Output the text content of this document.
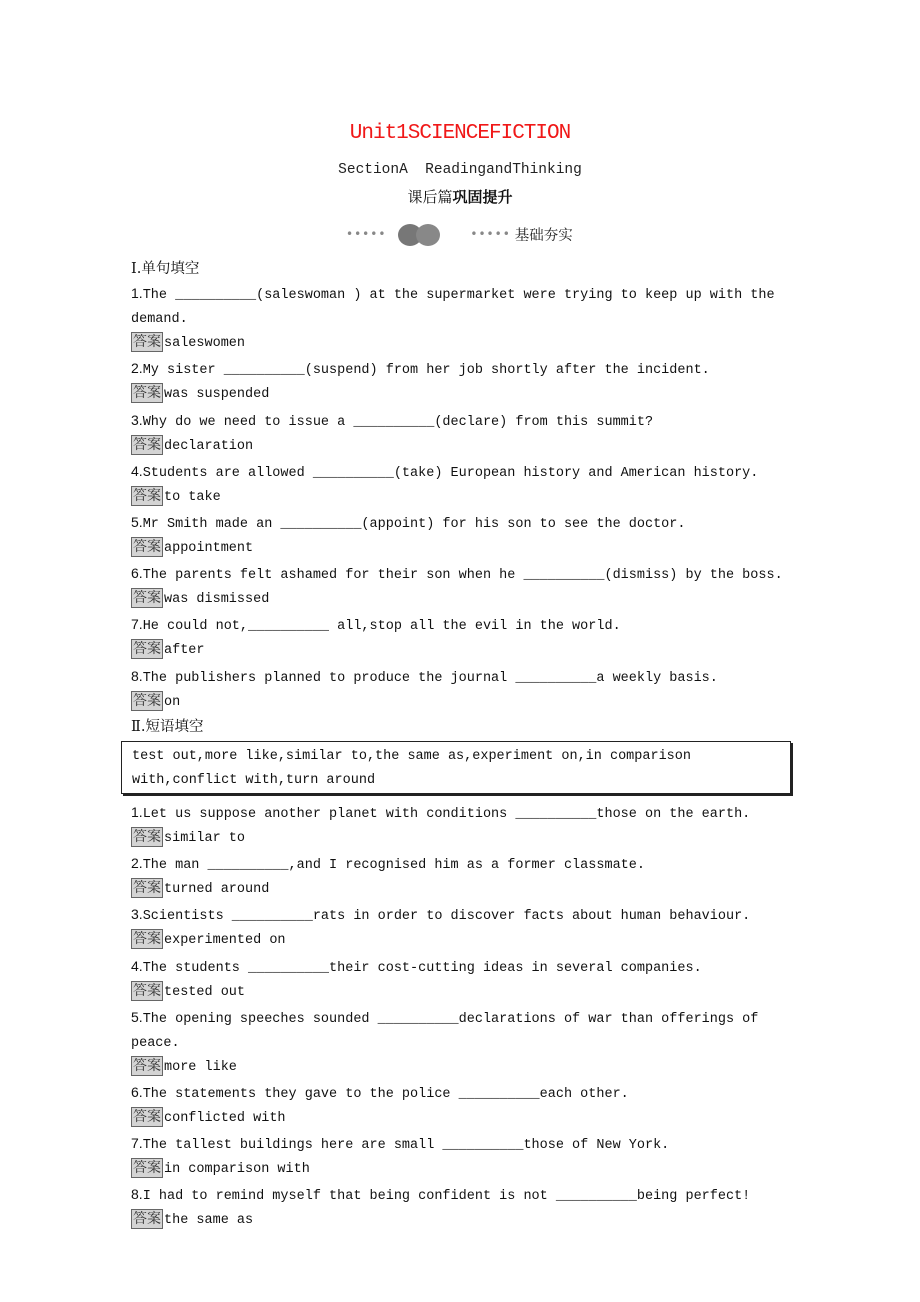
Unit1SCIENCEFICTION
SectionA  ReadingandThinking
课后篇巩固提升
•••••	••••• 基础夯实
Ⅰ.单句填空
1.The __________(saleswoman ) at the supermarket were trying to keep up with the demand.
答案 saleswomen
2.My sister __________(suspend) from her job shortly after the incident.
答案 was suspended
3.Why do we need to issue a __________(declare) from this summit?
答案 declaration
4.Students are allowed __________(take) European history and American history.
答案 to take
5.Mr Smith made an __________(appoint) for his son to see the doctor.
答案 appointment
6.The parents felt ashamed for their son when he __________(dismiss) by the boss.
答案 was dismissed
7.He could not,__________ all,stop all the evil in the world.
答案 after
8.The publishers planned to produce the journal __________a weekly basis.
答案 on
Ⅱ.短语填空
test out,more like,similar to,the same as,experiment on,in comparison with,conflict with,turn around
1.Let us suppose another planet with conditions __________those on the earth.
答案 similar to
2.The man __________,and I recognised him as a former classmate.
答案 turned around
3.Scientists __________rats in order to discover facts about human behaviour.
答案 experimented on
4.The students __________their cost-cutting ideas in several companies.
答案 tested out
5.The opening speeches sounded __________declarations of war than offerings of peace.
答案 more like
6.The statements they gave to the police __________each other.
答案 conflicted with
7.The tallest buildings here are small __________those of New York.
答案 in comparison with
8.I had to remind myself that being confident is not __________being perfect!
答案 the same as
